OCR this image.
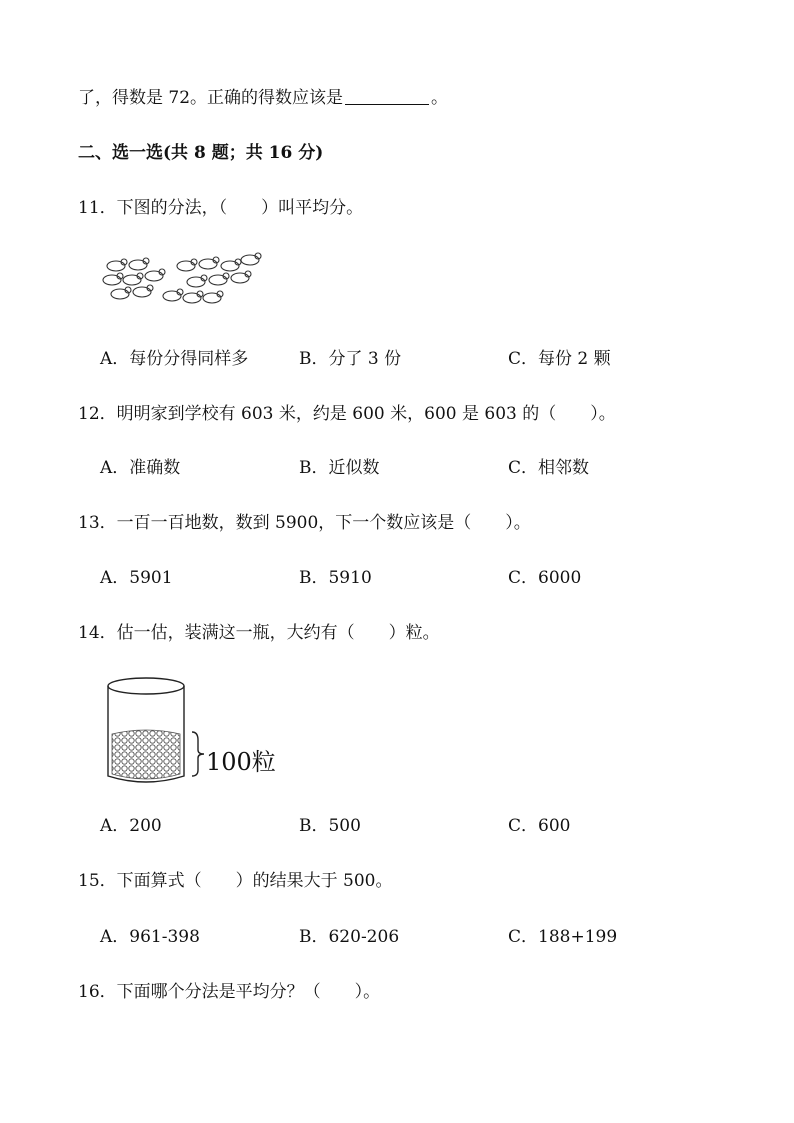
了，得数是 72。正确的得数应该是	。
二、选一选(共 8 题；共 16 分)
11．下图的分法，（　　）叫平均分。
A．每份分得同样多	B．分了 3 份	C．每份 2 颗
12．明明家到学校有 603 米，约是 600 米，600 是 603 的（　　）。
A．准确数	B．近似数	C．相邻数
13．一百一百地数，数到 5900，下一个数应该是（　　）。
A．5901	B．5910	C．6000
14．估一估，装满这一瓶，大约有（　　）粒。
100粒
A．200	B．500	C．600
15．下面算式（　　）的结果大于 500。
A．961-398	B．620-206	C．188+199
16．下面哪个分法是平均分？（　　）。
